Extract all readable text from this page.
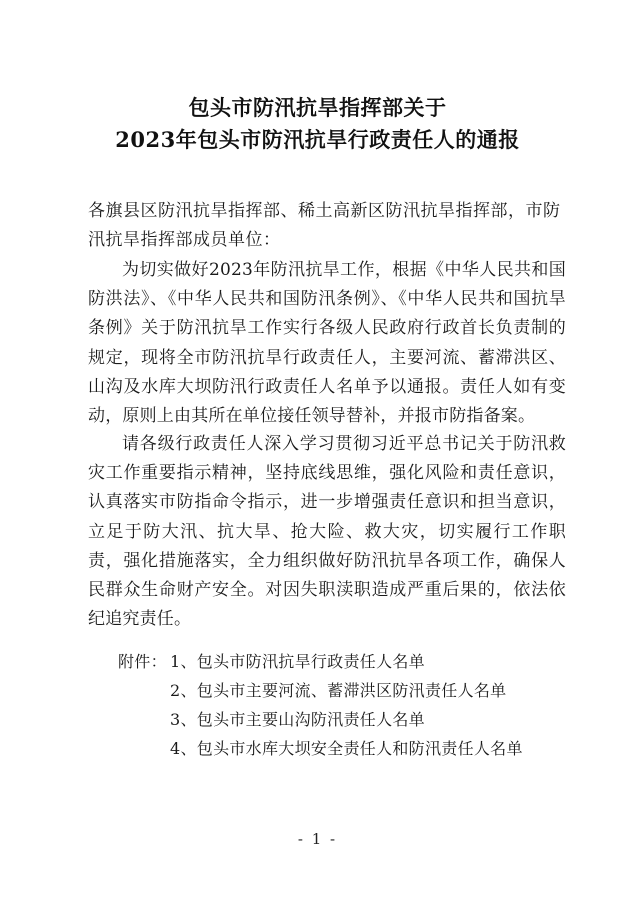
包头市防汛抗旱指挥部关于
2023年包头市防汛抗旱行政责任人的通报
各旗县区防汛抗旱指挥部、稀土高新区防汛抗旱指挥部，市防汛抗旱指挥部成员单位：
为切实做好2023年防汛抗旱工作，根据《中华人民共和国防洪法》、《中华人民共和国防汛条例》、《中华人民共和国抗旱条例》关于防汛抗旱工作实行各级人民政府行政首长负责制的规定，现将全市防汛抗旱行政责任人，主要河流、蓄滞洪区、山沟及水库大坝防汛行政责任人名单予以通报。责任人如有变动，原则上由其所在单位接任领导替补，并报市防指备案。
请各级行政责任人深入学习贯彻习近平总书记关于防汛救灾工作重要指示精神，坚持底线思维，强化风险和责任意识，认真落实市防指命令指示，进一步增强责任意识和担当意识，立足于防大汛、抗大旱、抢大险、救大灾，切实履行工作职责，强化措施落实，全力组织做好防汛抗旱各项工作，确保人民群众生命财产安全。对因失职渎职造成严重后果的，依法依纪追究责任。
附件： 1、包头市防汛抗旱行政责任人名单
2、包头市主要河流、蓄滞洪区防汛责任人名单
3、包头市主要山沟防汛责任人名单
4、包头市水库大坝安全责任人和防汛责任人名单
- 1 -
